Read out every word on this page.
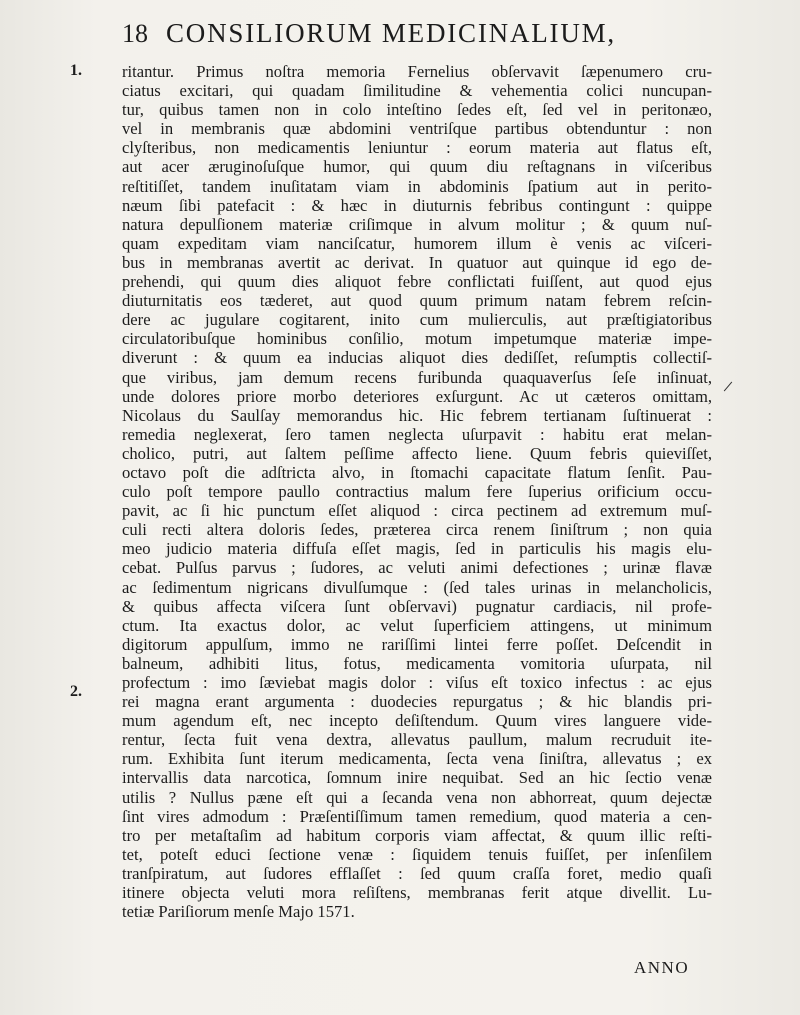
18 CONSILIORUM MEDICINALIUM,
1.
2.
ritantur. Primus noſtra memoria Fernelius obſervavit ſæpenumero cru-
ciatus excitari, qui quadam ſimilitudine & vehementia colici nuncupan-
tur, quibus tamen non in colo inteſtino ſedes eſt, ſed vel in peritonæo,
vel in membranis quæ abdomini ventriſque partibus obtenduntur : non
clyſteribus, non medicamentis leniuntur : eorum materia aut flatus eſt,
aut acer æruginoſuſque humor, qui quum diu reſtagnans in viſceribus
reſtitiſſet, tandem inuſitatam viam in abdominis ſpatium aut in perito-
næum ſibi patefacit : & hæc in diuturnis febribus contingunt : quippe
natura depulſionem materiæ criſimque in alvum molitur ; & quum nuſ-
quam expeditam viam nanciſcatur, humorem illum è venis ac viſceri-
bus in membranas avertit ac derivat. In quatuor aut quinque id ego de-
prehendi, qui quum dies aliquot febre conflictati fuiſſent, aut quod ejus
diuturnitatis eos tæderet, aut quod quum primum natam febrem reſcin-
dere ac jugulare cogitarent, inito cum mulierculis, aut præſtigiatoribus
circulatoribuſque hominibus conſilio, motum impetumque materiæ impe-
diverunt : & quum ea inducias aliquot dies dediſſet, reſumptis collectiſ-
que viribus, jam demum recens furibunda quaquaverſus ſeſe inſinuat,
unde dolores priore morbo deteriores exſurgunt. Ac ut cæteros omittam,
Nicolaus du Saulſay memorandus hic. Hic febrem tertianam ſuſtinuerat :
remedia neglexerat, ſero tamen neglecta uſurpavit : habitu erat melan-
cholico, putri, aut ſaltem peſſime affecto liene. Quum febris quieviſſet,
octavo poſt die adſtricta alvo, in ſtomachi capacitate flatum ſenſit. Pau-
culo poſt tempore paullo contractius malum fere ſuperius orificium occu-
pavit, ac ſi hic punctum eſſet aliquod : circa pectinem ad extremum muſ-
culi recti altera doloris ſedes, præterea circa renem ſiniſtrum ; non quia
meo judicio materia diffuſa eſſet magis, ſed in particulis his magis elu-
cebat. Pulſus parvus ; ſudores, ac veluti animi defectiones ; urinæ flavæ
ac ſedimentum nigricans divulſumque : (ſed tales urinas in melancholicis,
& quibus affecta viſcera ſunt obſervavi) pugnatur cardiacis, nil profe-
ctum. Ita exactus dolor, ac velut ſuperficiem attingens, ut minimum
digitorum appulſum, immo ne rariſſimi lintei ferre poſſet. Deſcendit in
balneum, adhibiti litus, fotus, medicamenta vomitoria uſurpata, nil
profectum : imo ſæviebat magis dolor : viſus eſt toxico infectus : ac ejus
rei magna erant argumenta : duodecies repurgatus ; & hic blandis pri-
mum agendum eſt, nec incepto deſiſtendum. Quum vires languere vide-
rentur, ſecta fuit vena dextra, allevatus paullum, malum recruduit ite-
rum. Exhibita ſunt iterum medicamenta, ſecta vena ſiniſtra, allevatus ; ex
intervallis data narcotica, ſomnum inire nequibat. Sed an hic ſectio venæ
utilis ? Nullus pæne eſt qui a ſecanda vena non abhorreat, quum dejectæ
ſint vires admodum : Præſentiſſimum tamen remedium, quod materia a cen-
tro per metaſtaſim ad habitum corporis viam affectat, & quum illic reſti-
tet, poteſt educi ſectione venæ : ſiquidem tenuis fuiſſet, per inſenſilem
tranſpiratum, aut ſudores efflaſſet : ſed quum craſſa foret, medio quaſi
itinere objecta veluti mora reſiſtens, membranas ferit atque divellit. Lu-
tetiæ Pariſiorum menſe Majo 1571.
ANNO
